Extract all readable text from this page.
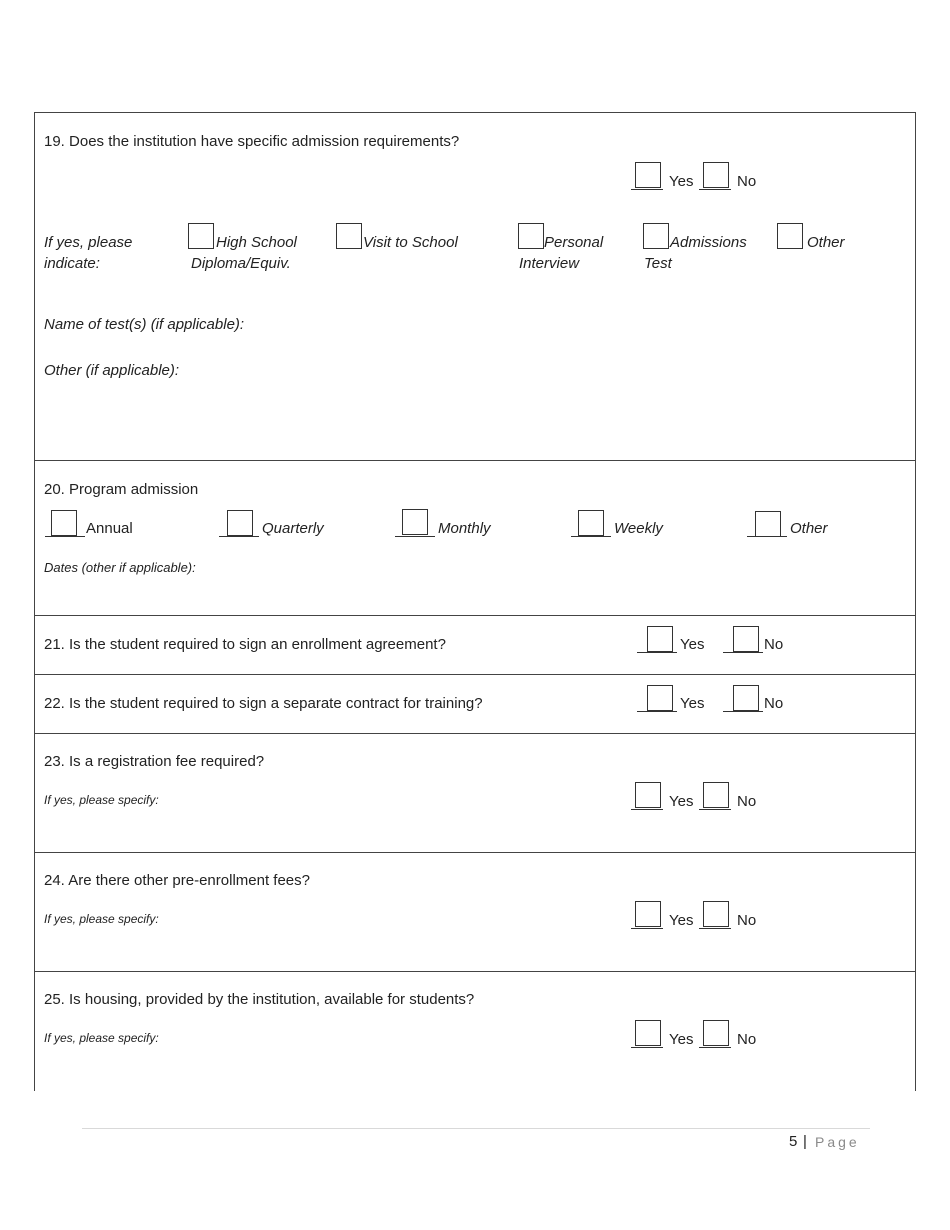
19. Does the institution have specific admission requirements?
Yes	No
If yes, please
indicate:
High School
Diploma/Equiv.
Visit to School	Personal
Interview
Admissions
Test
Other
Name of test(s) (if applicable):
Other (if applicable):
20. Program admission
Annual	Quarterly	Monthly	Weekly	Other
Dates (other if applicable):
21. Is the student required to sign an enrollment agreement?	Yes	No
22. Is the student required to sign a separate contract for training?	Yes	No
23. Is a registration fee required?
If yes, please specify:	Yes	No
24. Are there other pre-enrollment fees?
If yes, please specify:	Yes	No
25. Is housing, provided by the institution, available for students?
If yes, please specify:	Yes	No
5 | Page
